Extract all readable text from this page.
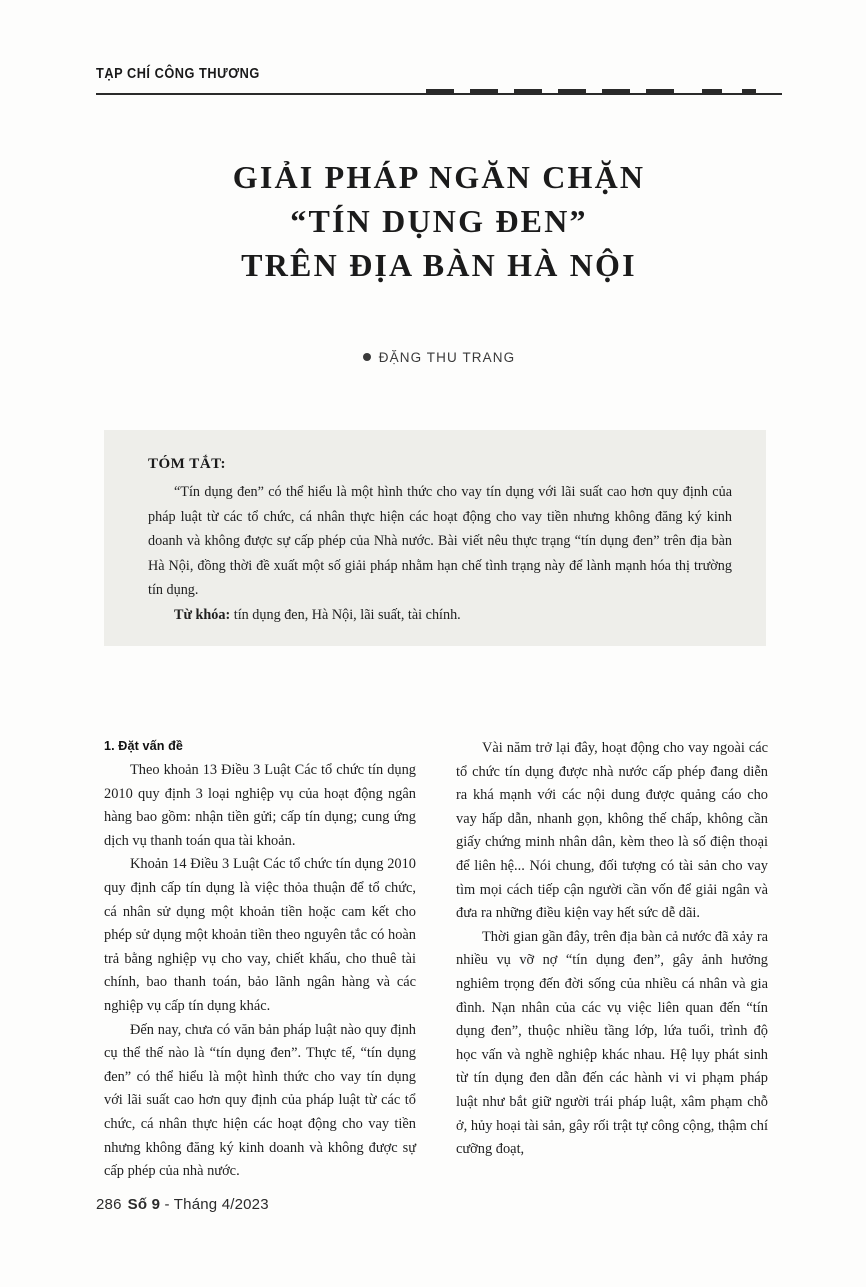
TẠP CHÍ CÔNG THƯƠNG
GIẢI PHÁP NGĂN CHẶN
“TÍN DỤNG ĐEN”
TRÊN ĐỊA BÀN HÀ NỘI
ĐẶNG THU TRANG
TÓM TẮT:

“Tín dụng đen” có thể hiểu là một hình thức cho vay tín dụng với lãi suất cao hơn quy định của pháp luật từ các tổ chức, cá nhân thực hiện các hoạt động cho vay tiền nhưng không đăng ký kinh doanh và không được sự cấp phép của Nhà nước. Bài viết nêu thực trạng “tín dụng đen” trên địa bàn Hà Nội, đồng thời đề xuất một số giải pháp nhằm hạn chế tình trạng này để lành mạnh hóa thị trường tín dụng.

Từ khóa: tín dụng đen, Hà Nội, lãi suất, tài chính.

1. Đặt vấn đề

Theo khoản 13 Điều 3 Luật Các tổ chức tín dụng 2010 quy định 3 loại nghiệp vụ của hoạt động ngân hàng bao gồm: nhận tiền gửi; cấp tín dụng; cung ứng dịch vụ thanh toán qua tài khoản.

Khoản 14 Điều 3 Luật Các tổ chức tín dụng 2010 quy định cấp tín dụng là việc thỏa thuận để tổ chức, cá nhân sử dụng một khoản tiền hoặc cam kết cho phép sử dụng một khoản tiền theo nguyên tắc có hoàn trả bằng nghiệp vụ cho vay, chiết khấu, cho thuê tài chính, bao thanh toán, bảo lãnh ngân hàng và các nghiệp vụ cấp tín dụng khác.

Đến nay, chưa có văn bản pháp luật nào quy định cụ thể thế nào là “tín dụng đen”. Thực tế, “tín dụng đen” có thể hiểu là một hình thức cho vay tín dụng với lãi suất cao hơn quy định của pháp luật từ các tổ chức, cá nhân thực hiện các hoạt động cho vay tiền nhưng không đăng ký kinh doanh và không được sự cấp phép của nhà nước.

Vài năm trở lại đây, hoạt động cho vay ngoài các tổ chức tín dụng được nhà nước cấp phép đang diễn ra khá mạnh với các nội dung được quảng cáo cho vay hấp dẫn, nhanh gọn, không thế chấp, không cần giấy chứng minh nhân dân, kèm theo là số điện thoại để liên hệ... Nói chung, đối tượng có tài sản cho vay tìm mọi cách tiếp cận người cần vốn để giải ngân và đưa ra những điều kiện vay hết sức dễ dãi.

Thời gian gần đây, trên địa bàn cả nước đã xảy ra nhiều vụ vỡ nợ “tín dụng đen”, gây ảnh hưởng nghiêm trọng đến đời sống của nhiều cá nhân và gia đình. Nạn nhân của các vụ việc liên quan đến “tín dụng đen”, thuộc nhiều tầng lớp, lứa tuổi, trình độ học vấn và nghề nghiệp khác nhau. Hệ lụy phát sinh từ tín dụng đen dẫn đến các hành vi vi phạm pháp luật như bắt giữ người trái pháp luật, xâm phạm chỗ ở, hủy hoại tài sản, gây rối trật tự công cộng, thậm chí cưỡng đoạt,

286 Số 9 - Tháng 4/2023
